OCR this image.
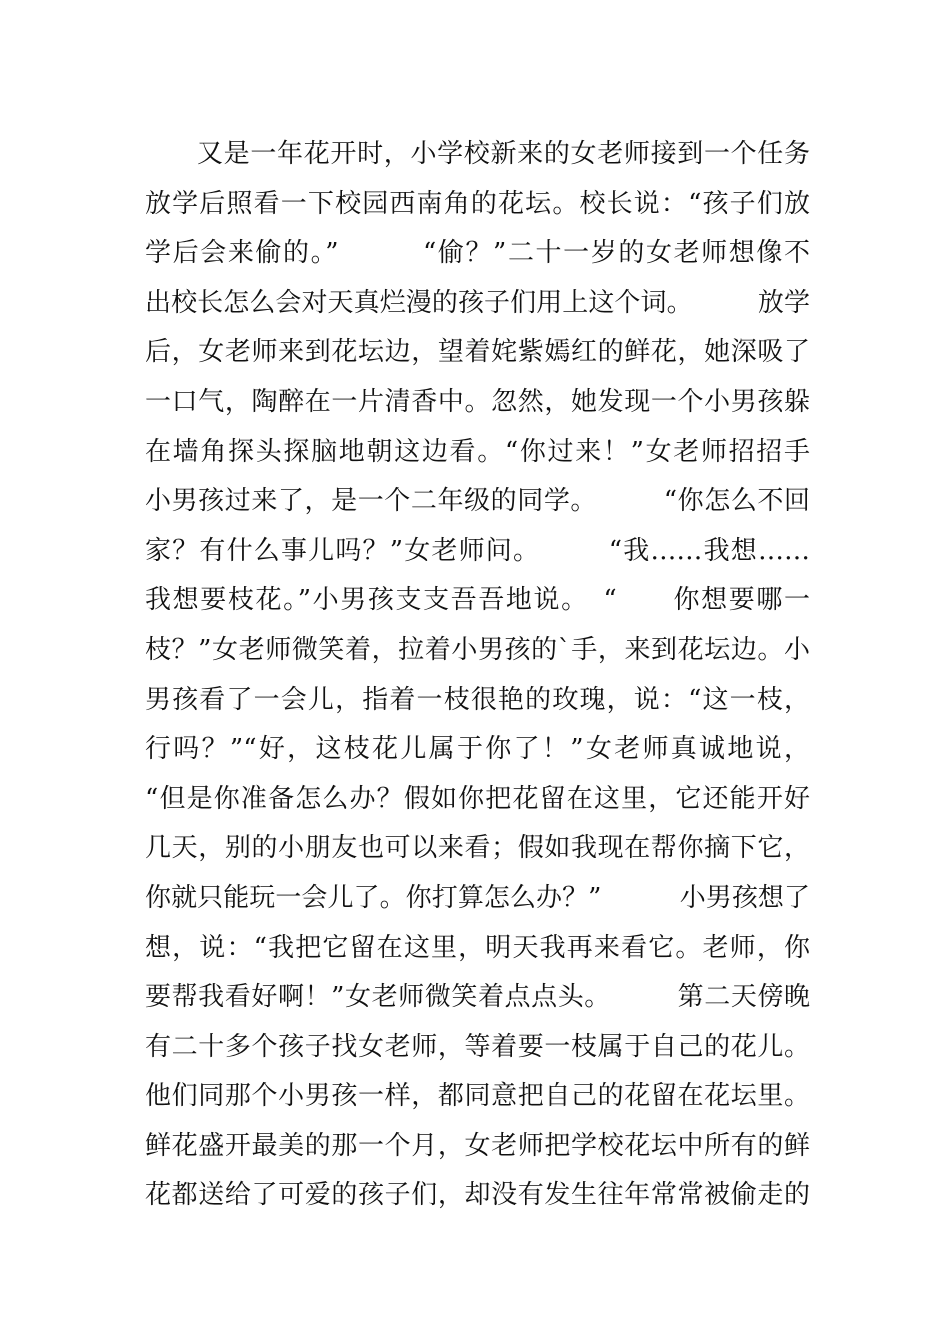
又是一年花开时，小学校新来的女老师接到一个任务
放学后照看一下校园西南角的花坛。校长说：“孩子们放
学后会来偷的。”　　　“偷？”二十一岁的女老师想像不
出校长怎么会对天真烂漫的孩子们用上这个词。　　　放学
后，女老师来到花坛边，望着姹紫嫣红的鲜花，她深吸了
一口气，陶醉在一片清香中。忽然，她发现一个小男孩躲
在墙角探头探脑地朝这边看。“你过来！”女老师招招手
小男孩过来了，是一个二年级的同学。　　　“你怎么不回
家？有什么事儿吗？”女老师问。　　　“我……我想……
我想要枝花。”小男孩支支吾吾地说。　“　　你想要哪一
枝？”女老师微笑着，拉着小男孩的`手，来到花坛边。小
男孩看了一会儿，指着一枝很艳的玫瑰，说：“这一枝，
行吗？”“好，这枝花儿属于你了！”女老师真诚地说，
“但是你准备怎么办？假如你把花留在这里，它还能开好
几天，别的小朋友也可以来看；假如我现在帮你摘下它，
你就只能玩一会儿了。你打算怎么办？”　　　小男孩想了
想，说：“我把它留在这里，明天我再来看它。老师，你
要帮我看好啊！”女老师微笑着点点头。　　　第二天傍晚
有二十多个孩子找女老师，等着要一枝属于自己的花儿。
他们同那个小男孩一样，都同意把自己的花留在花坛里。
鲜花盛开最美的那一个月，女老师把学校花坛中所有的鲜
花都送给了可爱的孩子们，却没有发生往年常常被偷走的
